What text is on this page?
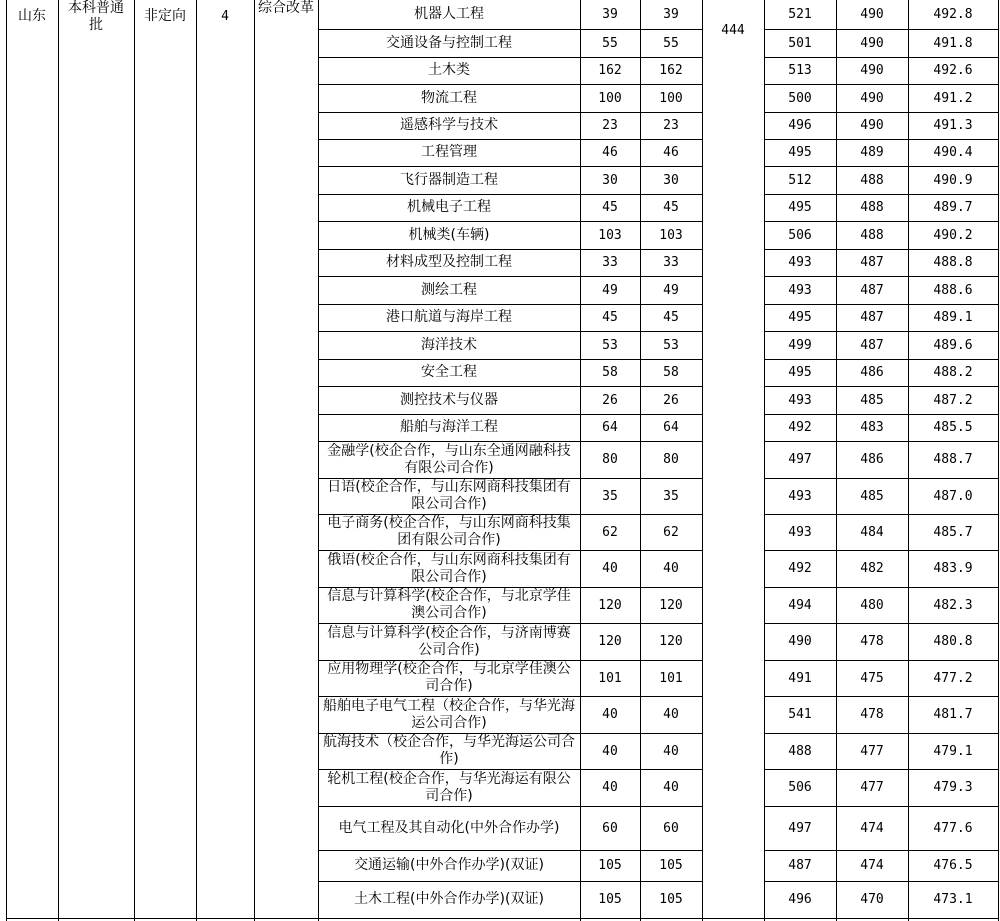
山东	本科普通批
非定向	4
综合改革
444
机器人工程	39	39	521	490	492.8
交通设备与控制工程	55	55	501	490	491.8
土木类	162	162	513	490	492.6
物流工程	100	100	500	490	491.2
遥感科学与技术	23	23	496	490	491.3
工程管理	46	46	495	489	490.4
飞行器制造工程	30	30	512	488	490.9
机械电子工程	45	45	495	488	489.7
机械类(车辆)	103	103	506	488	490.2
材料成型及控制工程	33	33	493	487	488.8
测绘工程	49	49	493	487	488.6
港口航道与海岸工程	45	45	495	487	489.1
海洋技术	53	53	499	487	489.6
安全工程	58	58	495	486	488.2
测控技术与仪器	26	26	493	485	487.2
船舶与海洋工程	64	64	492	483	485.5
金融学(校企合作，与山东全通网融科技有限公司合作)	80	80	497	486	488.7
日语(校企合作，与山东网商科技集团有限公司合作)	35	35	493	485	487.0
电子商务(校企合作，与山东网商科技集团有限公司合作)	62	62	493	484	485.7
俄语(校企合作，与山东网商科技集团有限公司合作)	40	40	492	482	483.9
信息与计算科学(校企合作，与北京学佳澳公司合作)	120	120	494	480	482.3
信息与计算科学(校企合作，与济南博赛公司合作)	120	120	490	478	480.8
应用物理学(校企合作，与北京学佳澳公司合作)	101	101	491	475	477.2
船舶电子电气工程（校企合作，与华光海运公司合作)	40	40	541	478	481.7
航海技术（校企合作，与华光海运公司合作)	40	40	488	477	479.1
轮机工程(校企合作，与华光海运有限公司合作)	40	40	506	477	479.3
电气工程及其自动化(中外合作办学)	60	60	497	474	477.6
交通运输(中外合作办学)(双证)	105	105	487	474	476.5
土木工程(中外合作办学)(双证)	105	105	496	470	473.1
